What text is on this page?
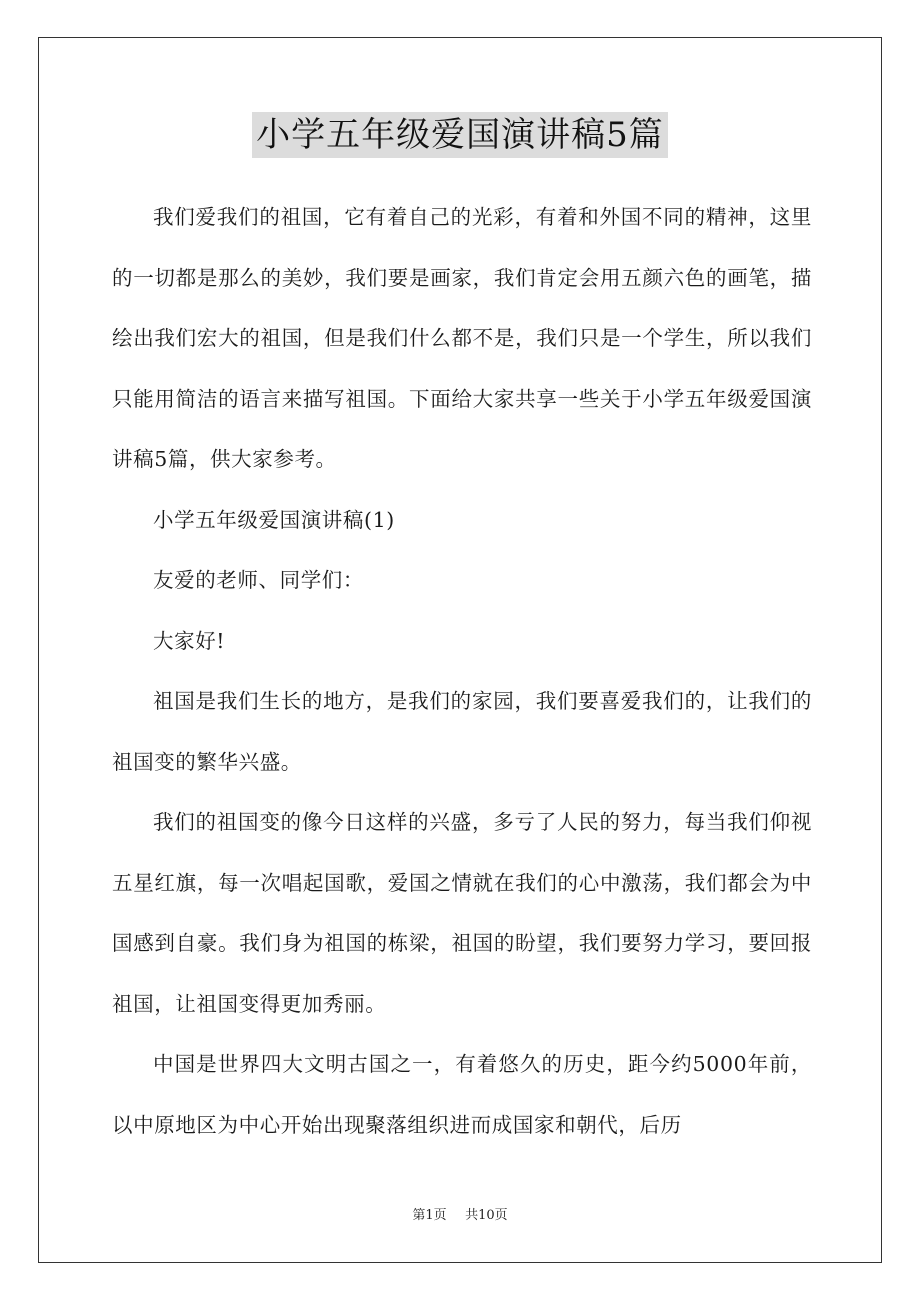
小学五年级爱国演讲稿5篇

我们爱我们的祖国，它有着自己的光彩，有着和外国不同的精神，这里的一切都是那么的美妙，我们要是画家，我们肯定会用五颜六色的画笔，描绘出我们宏大的祖国，但是我们什么都不是，我们只是一个学生，所以我们只能用简洁的语言来描写祖国。下面给大家共享一些关于小学五年级爱国演讲稿5篇，供大家参考。

小学五年级爱国演讲稿(1)

友爱的老师、同学们：

大家好!

祖国是我们生长的地方，是我们的家园，我们要喜爱我们的，让我们的祖国变的繁华兴盛。

我们的祖国变的像今日这样的兴盛，多亏了人民的努力，每当我们仰视五星红旗，每一次唱起国歌，爱国之情就在我们的心中激荡，我们都会为中国感到自豪。我们身为祖国的栋梁，祖国的盼望，我们要努力学习，要回报祖国，让祖国变得更加秀丽。

中国是世界四大文明古国之一，有着悠久的历史，距今约5000年前，以中原地区为中心开始出现聚落组织进而成国家和朝代，后历

第1页 共10页
